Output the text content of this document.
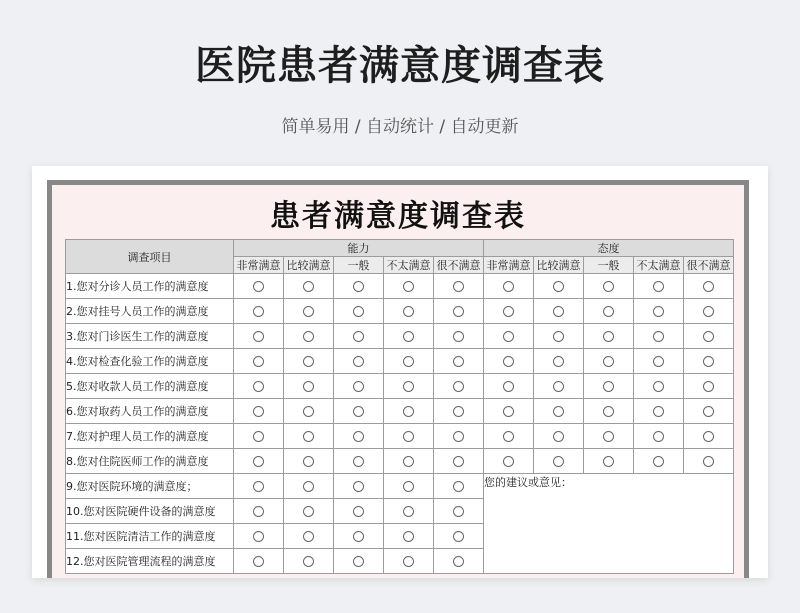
医院患者满意度调查表
简单易用 / 自动统计 / 自动更新
患者满意度调查表
调查项目	能力					态度				
	非常满意	比较满意	一般	不太满意	很不满意	非常满意	比较满意	一般	不太满意	很不满意
1.您对分诊人员工作的满意度										
2.您对挂号人员工作的满意度										
3.您对门诊医生工作的满意度										
4.您对检查化验工作的满意度										
5.您对收款人员工作的满意度										
6.您对取药人员工作的满意度										
7.您对护理人员工作的满意度										
8.您对住院医师工作的满意度										
9.您对医院环境的满意度；						您的建议或意见：				
10.您对医院硬件设备的满意度										
11.您对医院清洁工作的满意度										
12.您对医院管理流程的满意度										
